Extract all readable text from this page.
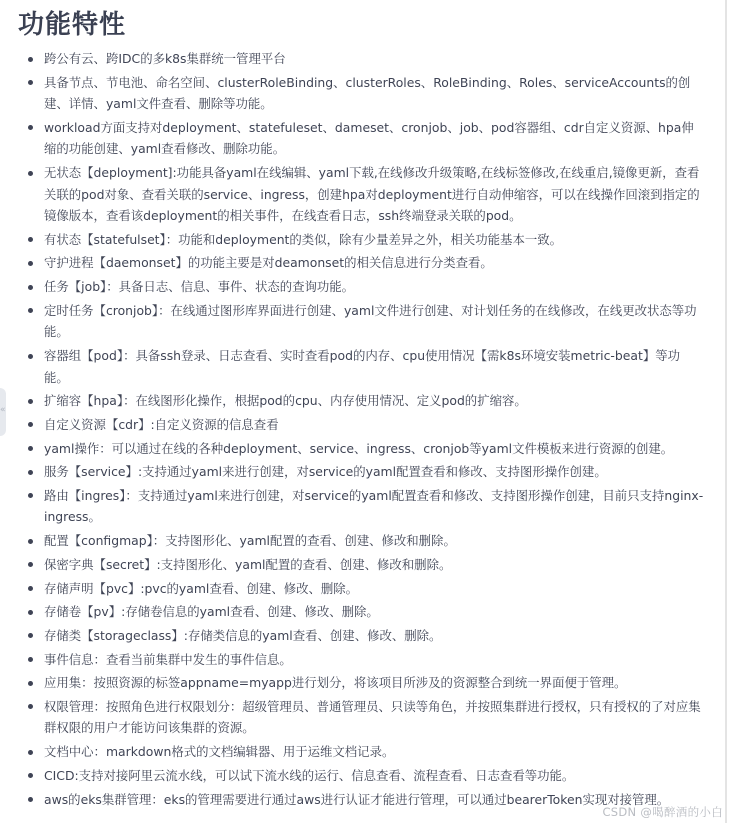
功能特性
跨公有云、跨IDC的多k8s集群统一管理平台
具备节点、节电池、命名空间、clusterRoleBinding、clusterRoles、RoleBinding、Roles、serviceAccounts的创建、详情、yaml文件查看、删除等功能。
workload方面支持对deployment、statefuleset、dameset、cronjob、job、pod容器组、cdr自定义资源、hpa伸缩的功能创建、yaml查看修改、删除功能。
无状态【deployment]:功能具备yaml在线编辑、yaml下载,在线修改升级策略,在线标签修改,在线重启,镜像更新，查看关联的pod对象、查看关联的service、ingress，创建hpa对deployment进行自动伸缩容，可以在线操作回滚到指定的镜像版本，查看该deployment的相关事件，在线查看日志，ssh终端登录关联的pod。
有状态【statefulset】：功能和deployment的类似，除有少量差异之外，相关功能基本一致。
守护进程【daemonset】的功能主要是对deamonset的相关信息进行分类查看。
任务【job】：具备日志、信息、事件、状态的查询功能。
定时任务【cronjob】：在线通过图形库界面进行创建、yaml文件进行创建、对计划任务的在线修改，在线更改状态等功能。
容器组【pod】：具备ssh登录、日志查看、实时查看pod的内存、cpu使用情况【需k8s环境安装metric-beat】等功能。
扩缩容【hpa】：在线图形化操作，根据pod的cpu、内存使用情况、定义pod的扩缩容。
自定义资源【cdr】:自定义资源的信息查看
yaml操作：可以通过在线的各种deployment、service、ingress、cronjob等yaml文件模板来进行资源的创建。
服务【service】:支持通过yaml来进行创建，对service的yaml配置查看和修改、支持图形操作创建。
路由【ingres】：支持通过yaml来进行创建，对service的yaml配置查看和修改、支持图形操作创建，目前只支持nginx-ingress。
配置【configmap】：支持图形化、yaml配置的查看、创建、修改和删除。
保密字典【secret】:支持图形化、yaml配置的查看、创建、修改和删除。
存储声明【pvc】:pvc的yaml查看、创建、修改、删除。
存储卷【pv】:存储卷信息的yaml查看、创建、修改、删除。
存储类【storageclass】:存储类信息的yaml查看、创建、修改、删除。
事件信息：查看当前集群中发生的事件信息。
应用集：按照资源的标签appname=myapp进行划分，将该项目所涉及的资源整合到统一界面便于管理。
权限管理：按照角色进行权限划分：超级管理员、普通管理员、只读等角色，并按照集群进行授权，只有授权的了对应集群权限的用户才能访问该集群的资源。
文档中心：markdown格式的文档编辑器、用于运维文档记录。
CICD:支持对接阿里云流水线，可以试下流水线的运行、信息查看、流程查看、日志查看等功能。
aws的eks集群管理：eks的管理需要进行通过aws进行认证才能进行管理，可以通过bearerToken实现对接管理。
«
CSDN @喝醉酒的小白
